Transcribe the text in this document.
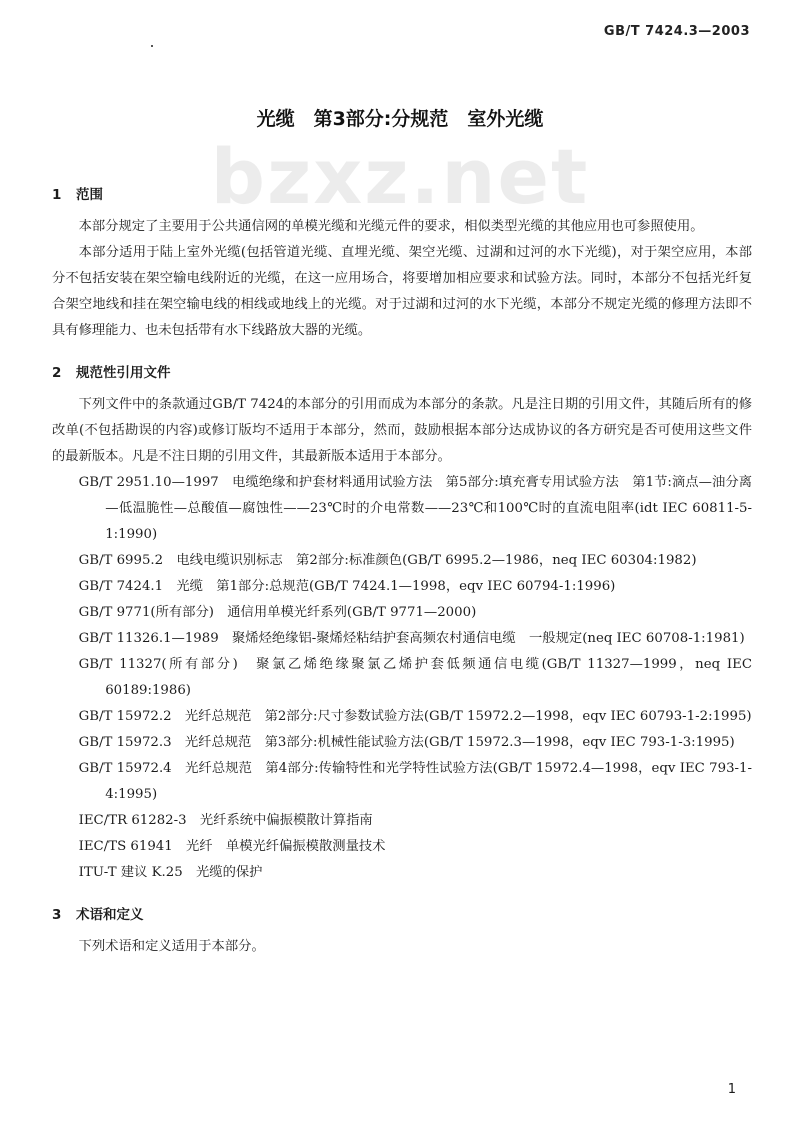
GB/T 7424.3—2003
光缆　第3部分:分规范　室外光缆
bzxz.net

1 范围

本部分规定了主要用于公共通信网的单模光缆和光缆元件的要求，相似类型光缆的其他应用也可参照使用。

本部分适用于陆上室外光缆(包括管道光缆、直埋光缆、架空光缆、过湖和过河的水下光缆)，对于架空应用，本部分不包括安装在架空输电线附近的光缆，在这一应用场合，将要增加相应要求和试验方法。同时，本部分不包括光纤复合架空地线和挂在架空输电线的相线或地线上的光缆。对于过湖和过河的水下光缆，本部分不规定光缆的修理方法即不具有修理能力、也未包括带有水下线路放大器的光缆。

2 规范性引用文件

下列文件中的条款通过GB/T 7424的本部分的引用而成为本部分的条款。凡是注日期的引用文件，其随后所有的修改单(不包括勘误的内容)或修订版均不适用于本部分，然而，鼓励根据本部分达成协议的各方研究是否可使用这些文件的最新版本。凡是不注日期的引用文件，其最新版本适用于本部分。

GB/T 2951.10—1997　电缆绝缘和护套材料通用试验方法　第5部分:填充膏专用试验方法　第1节:滴点—油分离—低温脆性—总酸值—腐蚀性——23℃时的介电常数——23℃和100℃时的直流电阻率(idt IEC 60811-5-1:1990)

GB/T 6995.2　电线电缆识别标志　第2部分:标准颜色(GB/T 6995.2—1986，neq IEC 60304:1982)

GB/T 7424.1　光缆　第1部分:总规范(GB/T 7424.1—1998，eqv IEC 60794-1:1996)

GB/T 9771(所有部分)　通信用单模光纤系列(GB/T 9771—2000)

GB/T 11326.1—1989　聚烯烃绝缘铝-聚烯烃粘结护套高频农村通信电缆　一般规定(neq IEC 60708-1:1981)

GB/T 11327(所有部分)　聚氯乙烯绝缘聚氯乙烯护套低频通信电缆(GB/T 11327—1999，neq IEC 60189:1986)

GB/T 15972.2　光纤总规范　第2部分:尺寸参数试验方法(GB/T 15972.2—1998，eqv IEC 60793-1-2:1995)

GB/T 15972.3　光纤总规范　第3部分:机械性能试验方法(GB/T 15972.3—1998，eqv IEC 793-1-3:1995)

GB/T 15972.4　光纤总规范　第4部分:传输特性和光学特性试验方法(GB/T 15972.4—1998，eqv IEC 793-1-4:1995)

IEC/TR 61282-3　光纤系统中偏振模散计算指南

IEC/TS 61941　光纤　单模光纤偏振模散测量技术

ITU-T 建议 K.25　光缆的保护

3 术语和定义

下列术语和定义适用于本部分。

1
